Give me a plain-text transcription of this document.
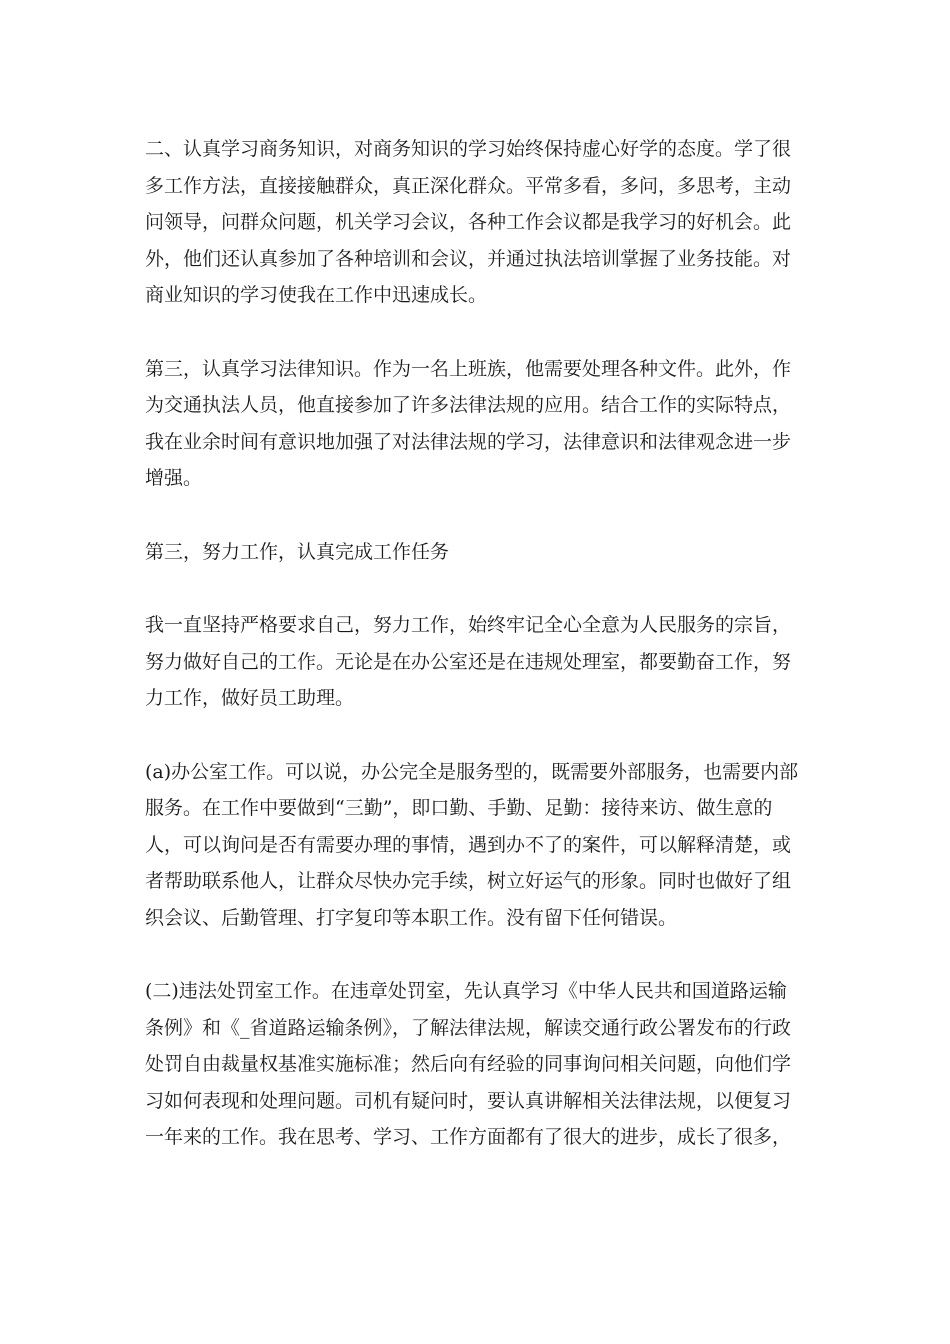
二、认真学习商务知识，对商务知识的学习始终保持虚心好学的态度。学了很
多工作方法，直接接触群众，真正深化群众。平常多看，多问，多思考，主动
问领导，问群众问题，机关学习会议，各种工作会议都是我学习的好机会。此
外，他们还认真参加了各种培训和会议，并通过执法培训掌握了业务技能。对
商业知识的学习使我在工作中迅速成长。

第三，认真学习法律知识。作为一名上班族，他需要处理各种文件。此外，作
为交通执法人员，他直接参加了许多法律法规的应用。结合工作的实际特点，
我在业余时间有意识地加强了对法律法规的学习，法律意识和法律观念进一步
增强。

第三，努力工作，认真完成工作任务

我一直坚持严格要求自己，努力工作，始终牢记全心全意为人民服务的宗旨，
努力做好自己的工作。无论是在办公室还是在违规处理室，都要勤奋工作，努
力工作，做好员工助理。

(a)办公室工作。可以说，办公完全是服务型的，既需要外部服务，也需要内部
服务。在工作中要做到“三勤”，即口勤、手勤、足勤：接待来访、做生意的
人，可以询问是否有需要办理的事情，遇到办不了的案件，可以解释清楚，或
者帮助联系他人，让群众尽快办完手续，树立好运气的形象。同时也做好了组
织会议、后勤管理、打字复印等本职工作。没有留下任何错误。

(二)违法处罚室工作。在违章处罚室，先认真学习《中华人民共和国道路运输
条例》和《_省道路运输条例》，了解法律法规，解读交通行政公署发布的行政
处罚自由裁量权基准实施标准；然后向有经验的同事询问相关问题，向他们学
习如何表现和处理问题。司机有疑问时，要认真讲解相关法律法规，以便复习
一年来的工作。我在思考、学习、工作方面都有了很大的进步，成长了很多，
